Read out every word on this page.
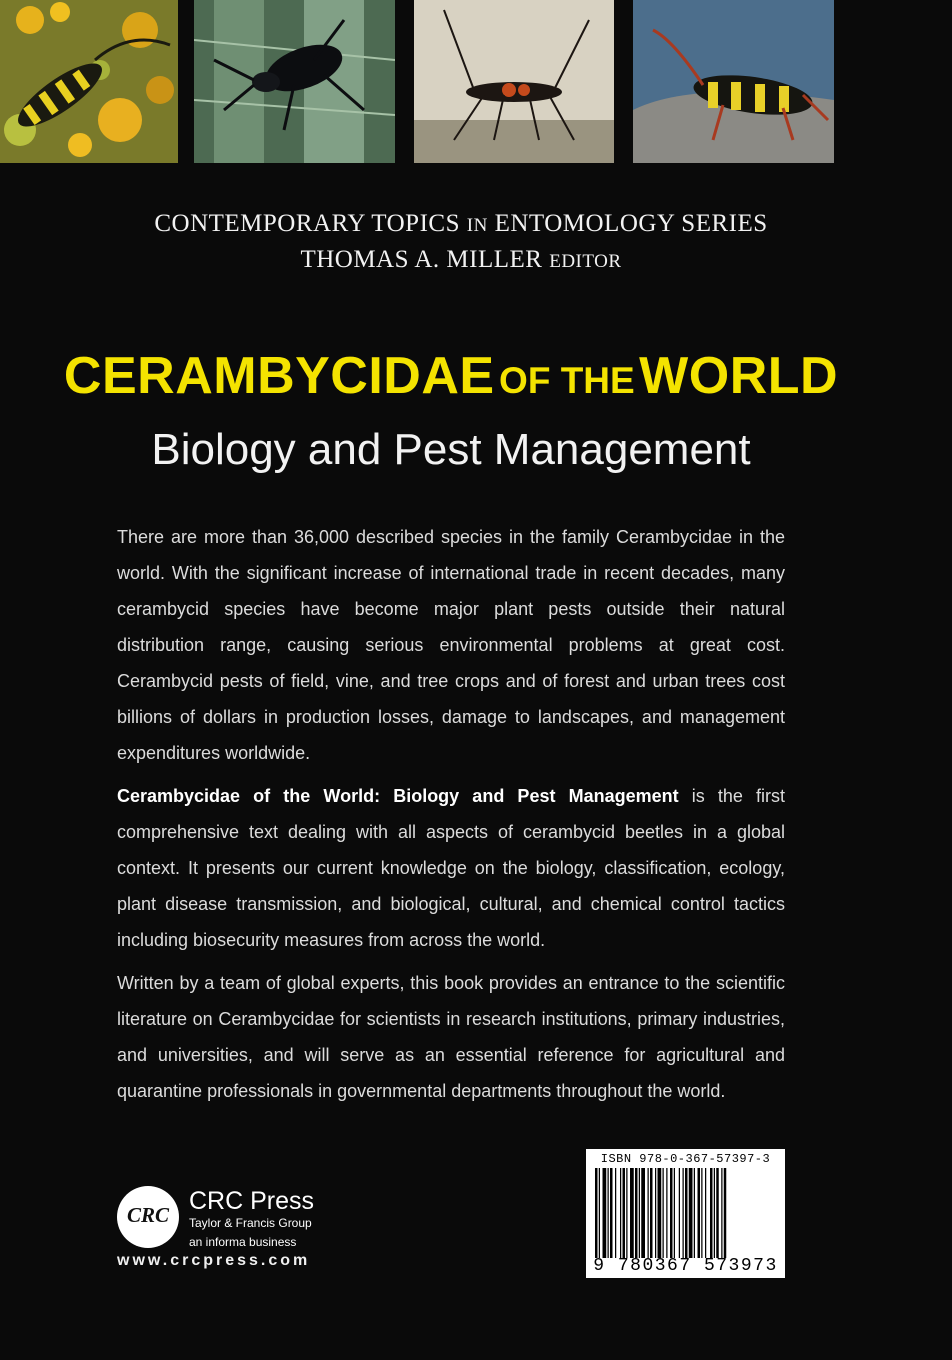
CONTEMPORARY TOPICS IN ENTOMOLOGY SERIES
THOMAS A. MILLER EDITOR
CERAMBYCIDAE OF THE WORLD
Biology and Pest Management

There are more than 36,000 described species in the family Cerambycidae in the world. With the significant increase of international trade in recent decades, many cerambycid species have become major plant pests outside their natural distribution range, causing serious environmental problems at great cost. Cerambycid pests of field, vine, and tree crops and of forest and urban trees cost billions of dollars in production losses, damage to landscapes, and management expenditures worldwide.

Cerambycidae of the World: Biology and Pest Management is the first comprehensive text dealing with all aspects of cerambycid beetles in a global context. It presents our current knowledge on the biology, classification, ecology, plant disease transmission, and biological, cultural, and chemical control tactics including biosecurity measures from across the world.

Written by a team of global experts, this book provides an entrance to the scientific literature on Cerambycidae for scientists in research institutions, primary industries, and universities, and will serve as an essential reference for agricultural and quarantine professionals in governmental departments throughout the world.

CRC CRC Press
Taylor & Francis Group
an informa business
www.crcpress.com
ISBN 978-0-367-57397-3
9 780367 573973
